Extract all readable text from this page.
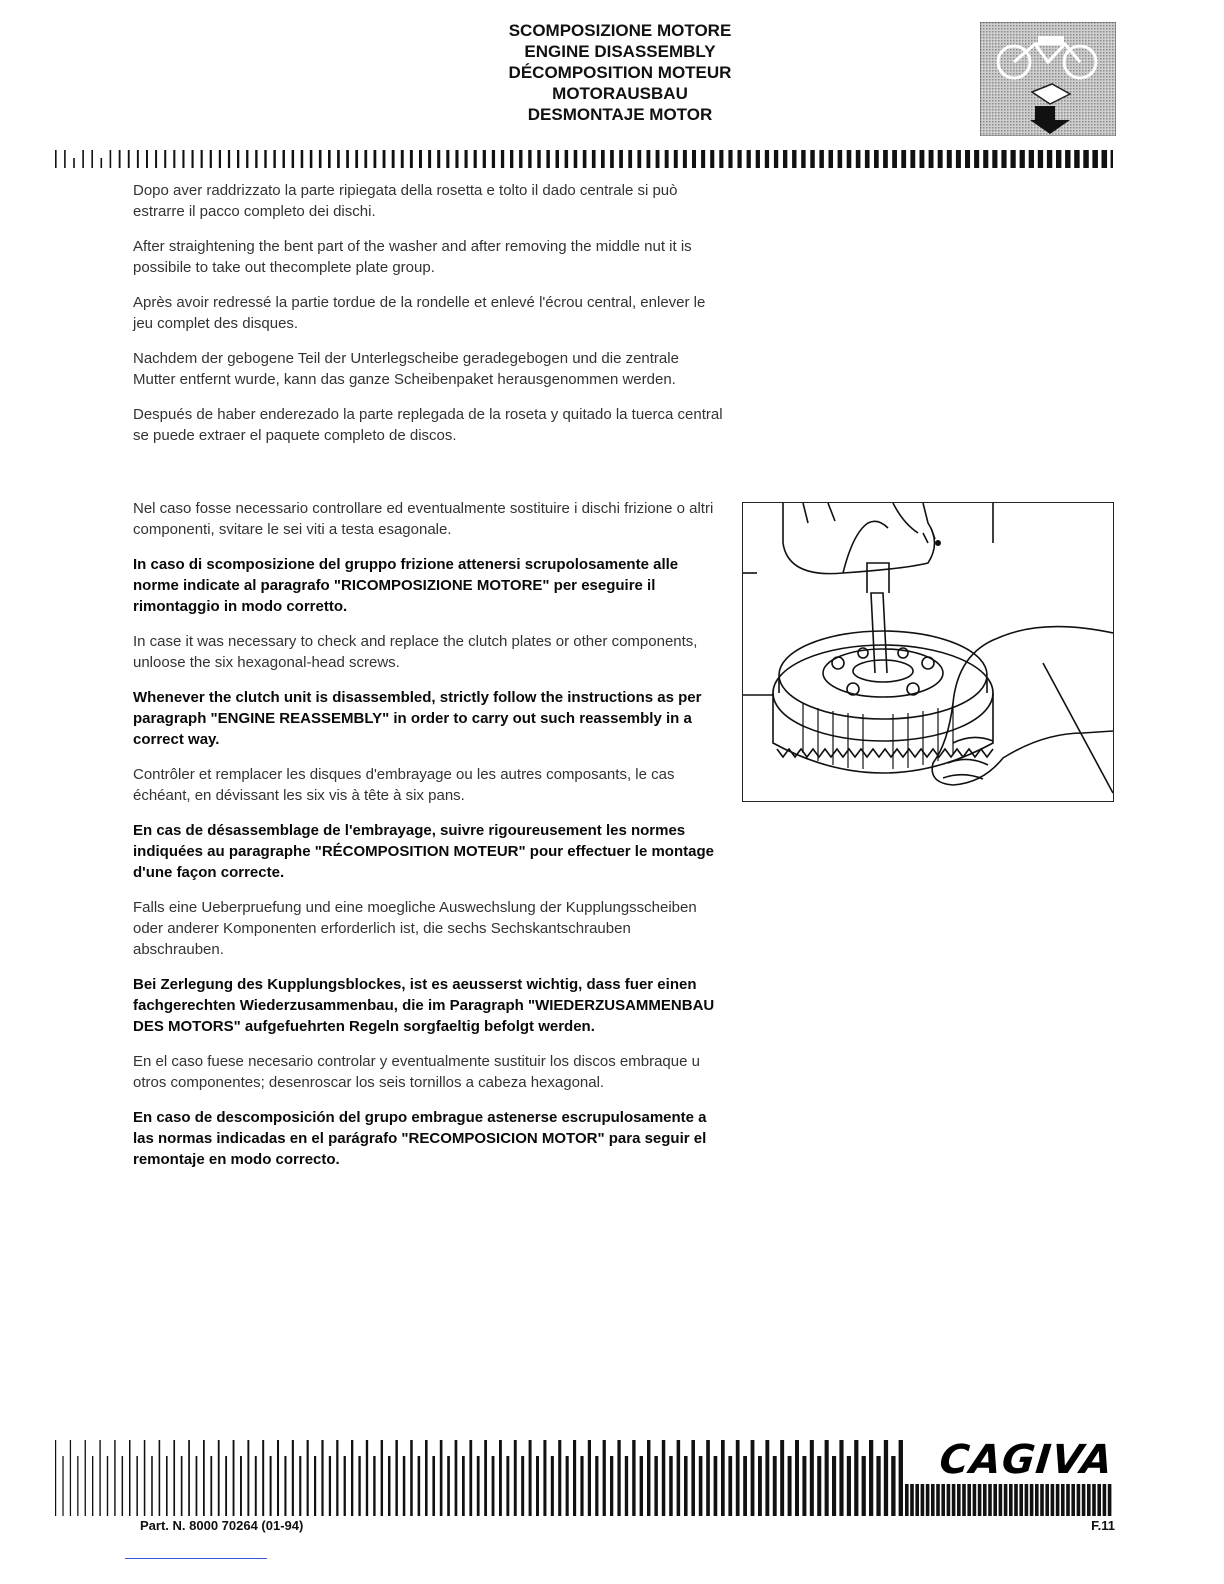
SCOMPOSIZIONE MOTORE
ENGINE DISASSEMBLY
DÉCOMPOSITION MOTEUR
MOTORAUSBAU
DESMONTAJE MOTOR

Dopo aver raddrizzato la parte ripiegata della rosetta e tolto il dado centrale si può estrarre il pacco completo dei dischi.

After straightening the bent part of the washer and after removing the middle nut it is possibile to take out thecomplete plate group.

Après avoir redressé la partie tordue de la rondelle et enlevé l'écrou central, enlever le jeu complet des disques.

Nachdem der gebogene Teil der Unterlegscheibe geradegebogen und die zentrale Mutter entfernt wurde, kann das ganze Scheibenpaket herausgenommen werden.

Después de haber enderezado la parte replegada de la roseta y quitado la tuerca central se puede extraer el paquete completo de discos.

Nel caso fosse necessario controllare ed eventualmente sostituire i dischi frizione o altri componenti, svitare le sei viti a testa esagonale.

In caso di scomposizione del gruppo frizione attenersi scrupolosamente alle norme indicate al paragrafo "RICOMPOSIZIONE MOTORE" per eseguire il rimontaggio in modo corretto.

In case it was necessary to check and replace the clutch plates or other components, unloose the six hexagonal-head screws.

Whenever the clutch unit is disassembled, strictly follow the instructions as per paragraph "ENGINE REASSEMBLY" in order to carry out such reassembly in a correct way.

Contrôler et remplacer les disques d'embrayage ou les autres composants, le cas échéant, en dévissant les six vis à tête à six pans.

En cas de désassemblage de l'embrayage, suivre rigoureusement les normes indiquées au paragraphe "RÉCOMPOSITION MOTEUR" pour effectuer le montage d'une façon correcte.

Falls eine Ueberpruefung und eine moegliche Auswechslung der Kupplungsscheiben oder anderer Komponenten erforderlich ist, die sechs Sechskantschrauben abschrauben.

Bei Zerlegung des Kupplungsblockes, ist es aeusserst wichtig, dass fuer einen fachgerechten Wiederzusammenbau, die im Paragraph "WIEDERZUSAMMENBAU DES MOTORS" aufgefuehrten Regeln sorgfaeltig befolgt werden.

En el caso fuese necesario controlar y eventualmente sustituir los discos embraque u otros componentes; desenroscar los seis tornillos a cabeza hexagonal.

En caso de descomposición del grupo embrague astenerse escrupulosamente a las normas indicadas en el parágrafo "RECOMPOSICION MOTOR" para seguir el remontaje en modo correcto.

CAGIVA
Part. N. 8000 70264 (01-94)	F.11
